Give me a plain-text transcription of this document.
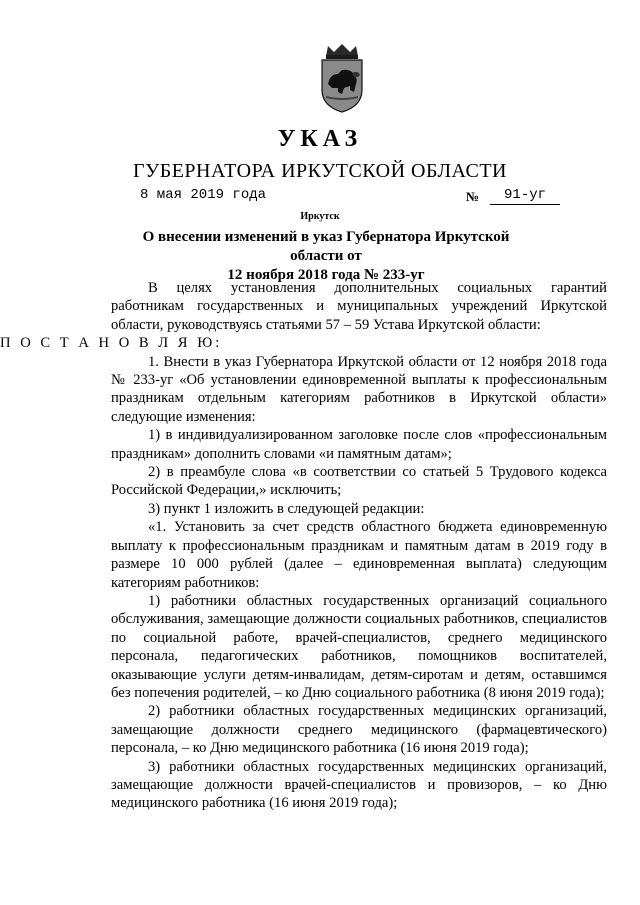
УКАЗ
ГУБЕРНАТОРА ИРКУТСКОЙ ОБЛАСТИ
8 мая 2019 года	№	91-уг
Иркутск
О внесении изменений в указ Губернатора Иркутской области от
12 ноября 2018 года № 233-уг

В целях установления дополнительных социальных гарантий работникам государственных и муниципальных учреждений Иркутской области, руководствуясь статьями 57 – 59 Устава Иркутской области:

П О С Т А Н О В Л Я Ю:

1. Внести в указ Губернатора Иркутской области от 12 ноября 2018 года № 233-уг «Об установлении единовременной выплаты к профессиональным праздникам отдельным категориям работников в Иркутской области» следующие изменения:

1) в индивидуализированном заголовке после слов «профессиональным праздникам» дополнить словами «и памятным датам»;

2) в преамбуле слова «в соответствии со статьей 5 Трудового кодекса Российской Федерации,» исключить;

3) пункт 1 изложить в следующей редакции:

«1. Установить за счет средств областного бюджета единовременную выплату к профессиональным праздникам и памятным датам в 2019 году в размере 10 000 рублей (далее – единовременная выплата) следующим категориям работников:

1) работники областных государственных организаций социального обслуживания, замещающие должности социальных работников, специалистов по социальной работе, врачей-специалистов, среднего медицинского персонала, педагогических работников, помощников воспитателей, оказывающие услуги детям-инвалидам, детям-сиротам и детям, оставшимся без попечения родителей, – ко Дню социального работника (8 июня 2019 года);

2) работники областных государственных медицинских организаций, замещающие должности среднего медицинского (фармацевтического) персонала, – ко Дню медицинского работника (16 июня 2019 года);

3) работники областных государственных медицинских организаций, замещающие должности врачей-специалистов и провизоров, – ко Дню медицинского работника (16 июня 2019 года);
